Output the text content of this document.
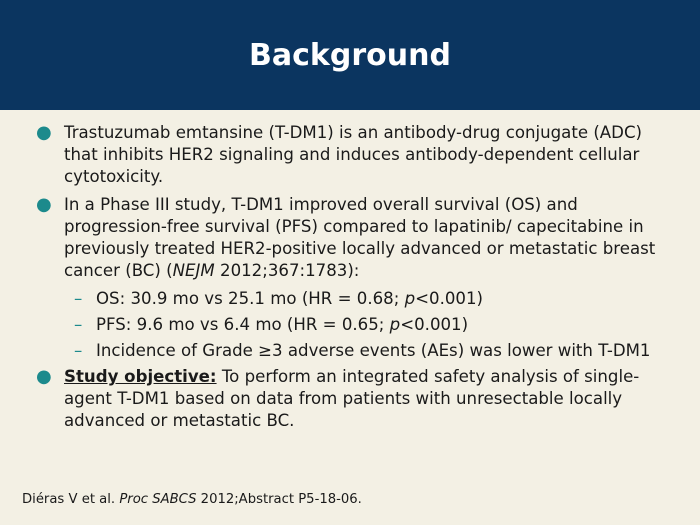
Background
● Trastuzumab emtansine (T-DM1) is an antibody-drug conjugate (ADC) that inhibits HER2 signaling and induces antibody-dependent cellular cytotoxicity.
● In a Phase III study, T-DM1 improved overall survival (OS) and progression-free survival (PFS) compared to lapatinib/ capecitabine in previously treated HER2-positive locally advanced or metastatic breast cancer (BC) (NEJM 2012;367:1783):
– OS: 30.9 mo vs 25.1 mo (HR = 0.68; p<0.001)
– PFS: 9.6 mo vs 6.4 mo (HR = 0.65; p<0.001)
– Incidence of Grade ≥3 adverse events (AEs) was lower with T-DM1
● Study objective: To perform an integrated safety analysis of single-agent T-DM1 based on data from patients with unresectable locally advanced or metastatic BC.
Diéras V et al. Proc SABCS 2012;Abstract P5-18-06.
